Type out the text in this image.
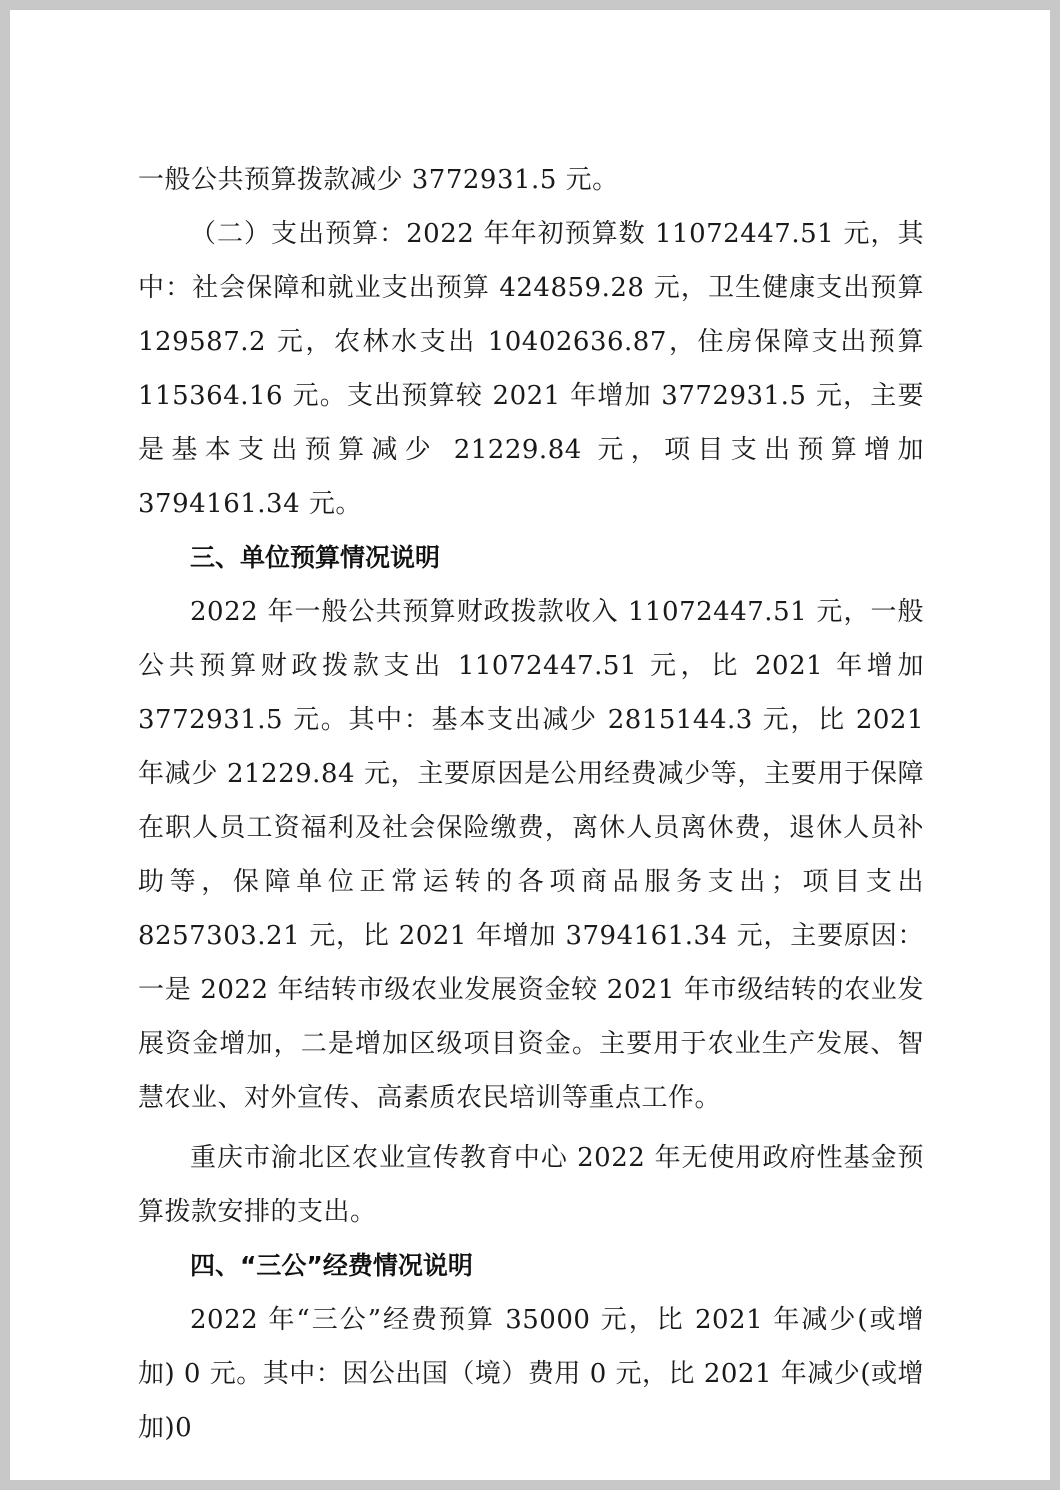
一般公共预算拨款减少 3772931.5 元。

（二）支出预算：2022 年年初预算数 11072447.51 元，其中：社会保障和就业支出预算 424859.28 元，卫生健康支出预算 129587.2 元，农林水支出 10402636.87，住房保障支出预算 115364.16 元。支出预算较 2021 年增加 3772931.5 元，主要是基本支出预算减少 21229.84 元，项目支出预算增加 3794161.34 元。

三、单位预算情况说明

2022 年一般公共预算财政拨款收入 11072447.51 元，一般公共预算财政拨款支出 11072447.51 元，比 2021 年增加 3772931.5 元。其中：基本支出减少 2815144.3 元，比 2021 年减少 21229.84 元，主要原因是公用经费减少等，主要用于保障在职人员工资福利及社会保险缴费，离休人员离休费，退休人员补助等，保障单位正常运转的各项商品服务支出；项目支出 8257303.21 元，比 2021 年增加 3794161.34 元，主要原因：一是 2022 年结转市级农业发展资金较 2021 年市级结转的农业发展资金增加，二是增加区级项目资金。主要用于农业生产发展、智慧农业、对外宣传、高素质农民培训等重点工作。

重庆市渝北区农业宣传教育中心 2022 年无使用政府性基金预算拨款安排的支出。

四、“三公”经费情况说明

2022 年“三公”经费预算 35000 元，比 2021 年减少(或增加) 0 元。其中：因公出国（境）费用 0 元，比 2021 年减少(或增加)0
